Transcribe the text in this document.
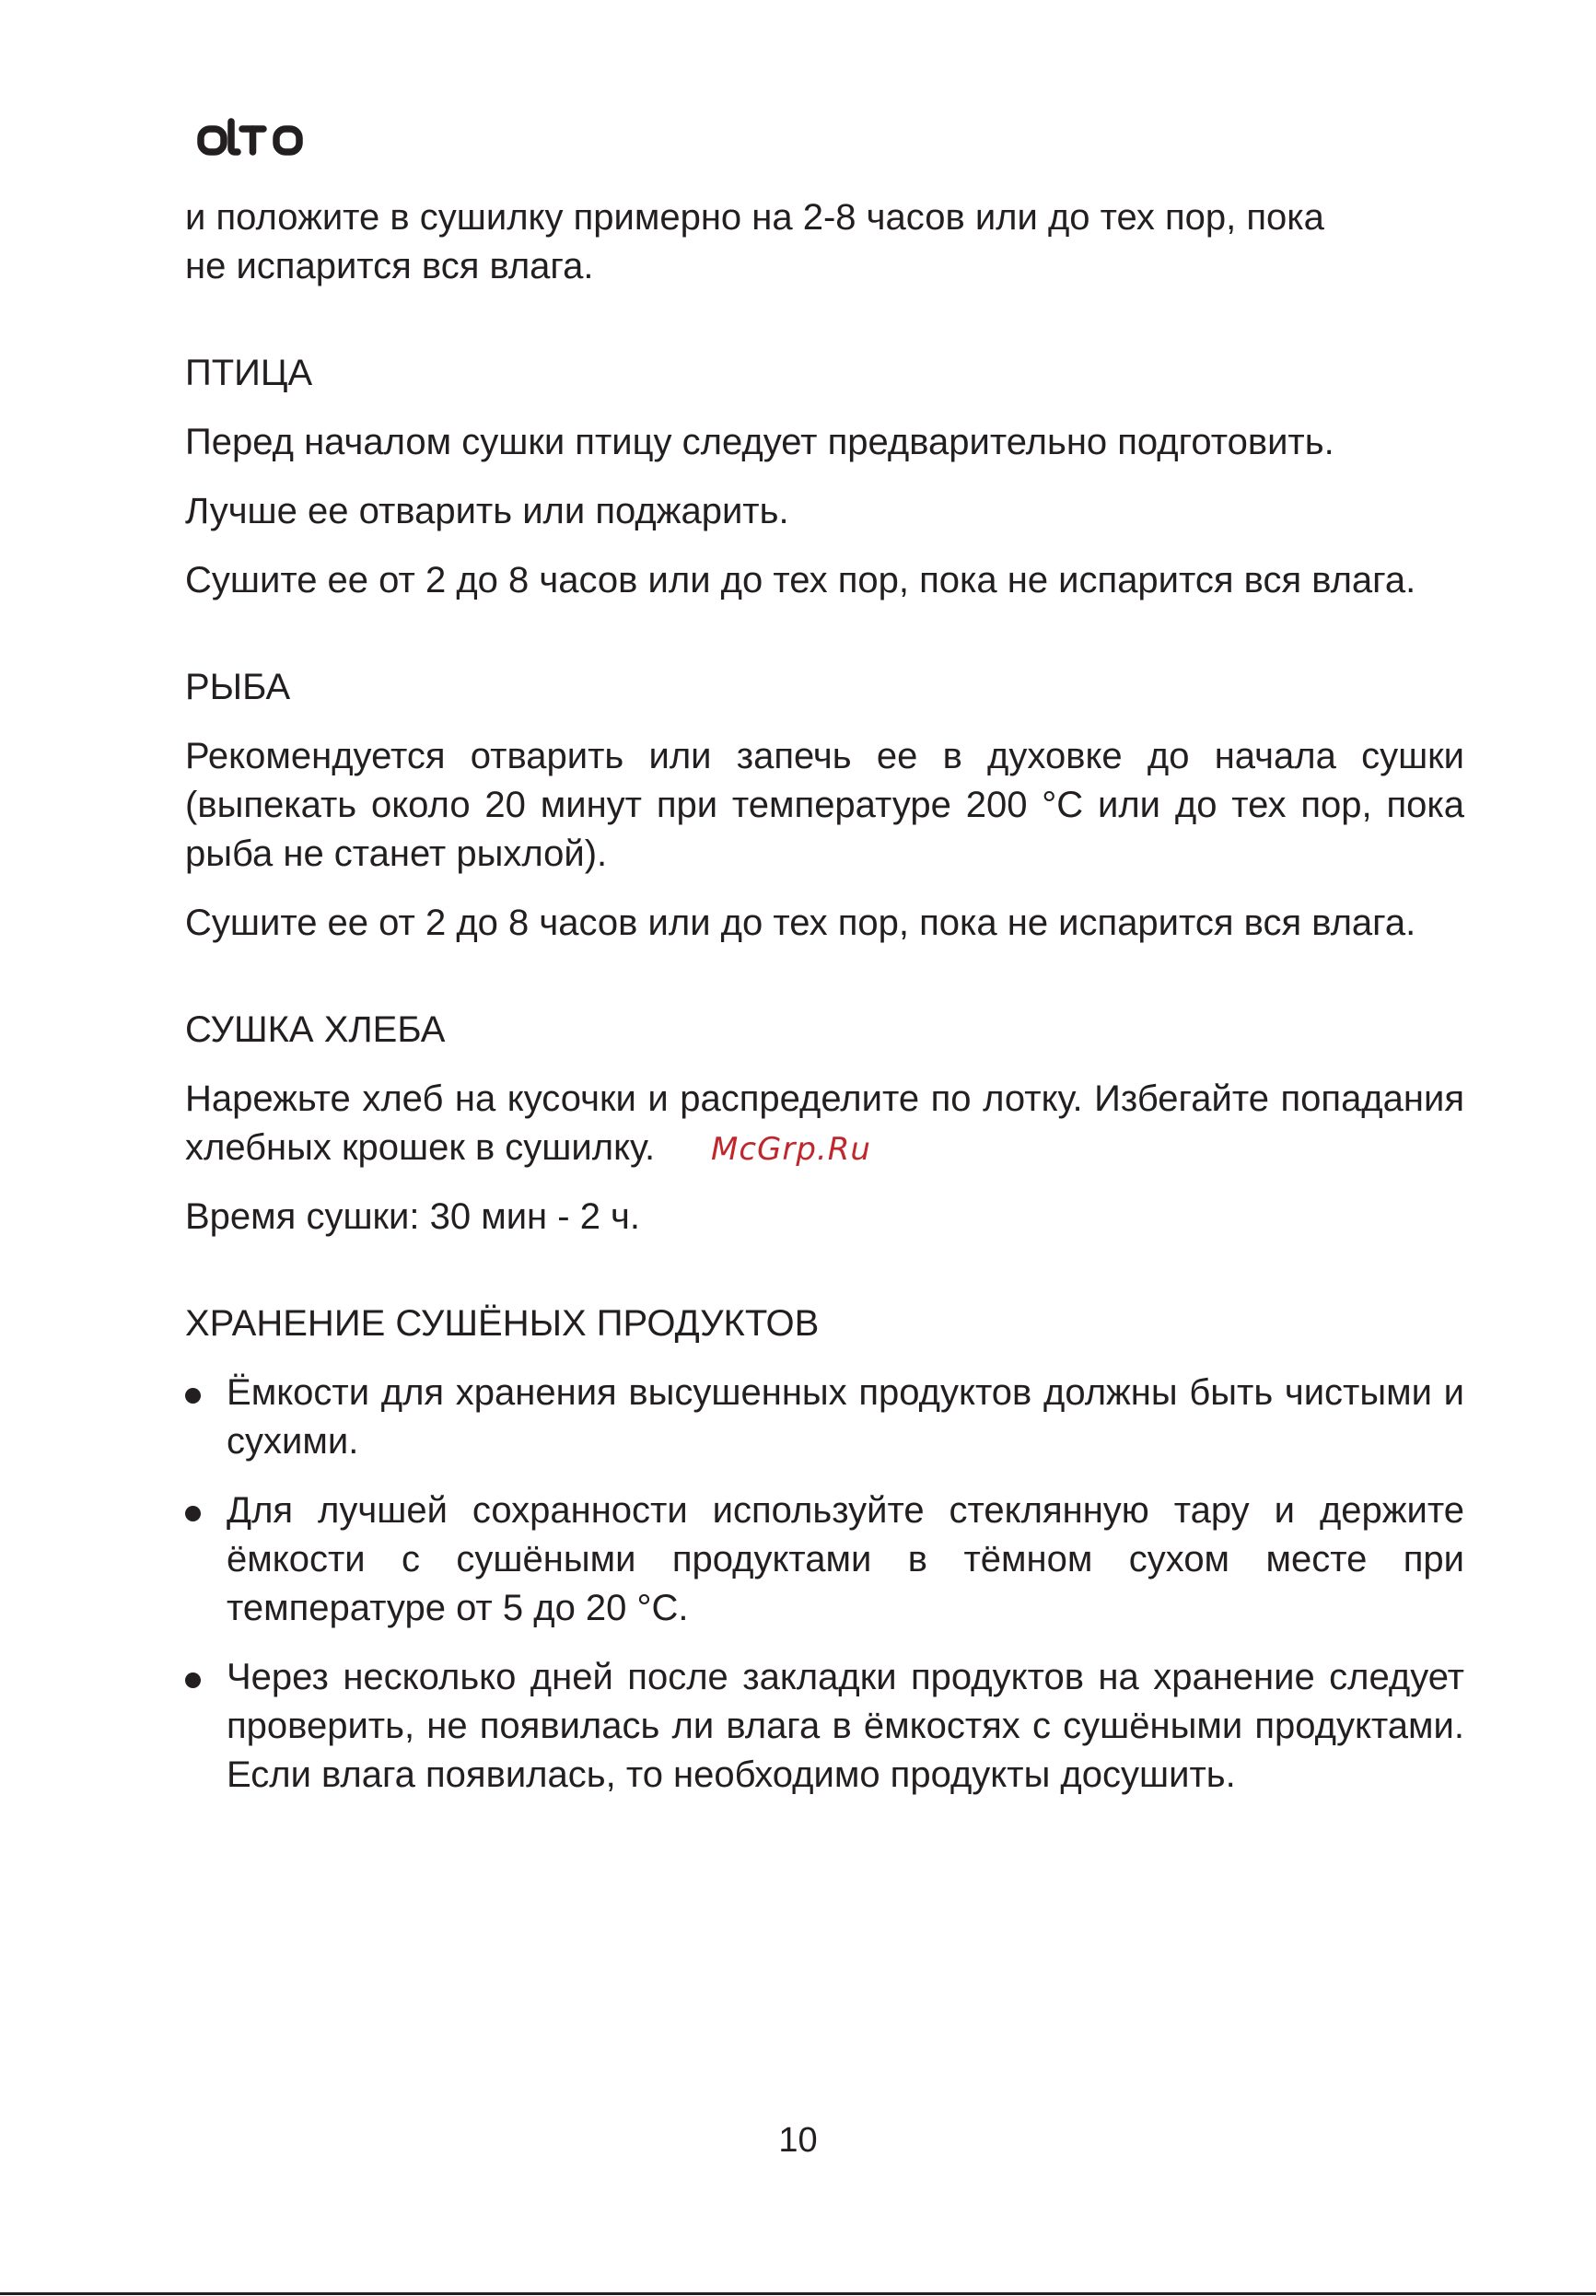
McGrp.Ru

и положите в сушилку примерно на 2-8 часов или до тех пор, пока
не испарится вся влага.

ПТИЦА

Перед началом сушки птицу следует предварительно подготовить.

Лучше ее отварить или поджарить.

Сушите ее от 2 до 8 часов или до тех пор, пока не испарится вся влага.

РЫБА

Рекомендуется отварить или запечь ее в духовке до начала сушки (выпекать около 20 минут при температуре 200 °С или до тех пор, пока рыба не станет рыхлой).

Сушите ее от 2 до 8 часов или до тех пор, пока не испарится вся влага.

СУШКА ХЛЕБА

Нарежьте хлеб на кусочки и распределите по лотку. Избегайте попадания хлебных крошек в сушилку.

Время сушки: 30 мин - 2 ч.

ХРАНЕНИЕ СУШЁНЫХ ПРОДУКТОВ
Ёмкости для хранения высушенных продуктов должны быть чистыми и сухими.
Для лучшей сохранности используйте стеклянную тару и держите ёмкости с сушёными продуктами в тёмном сухом месте при температуре от 5 до 20 °С.
Через несколько дней после закладки продуктов на хранение следует проверить, не появилась ли влага в ёмкостях с сушёными продуктами. Если влага появилась, то необходимо продукты досушить.
10
